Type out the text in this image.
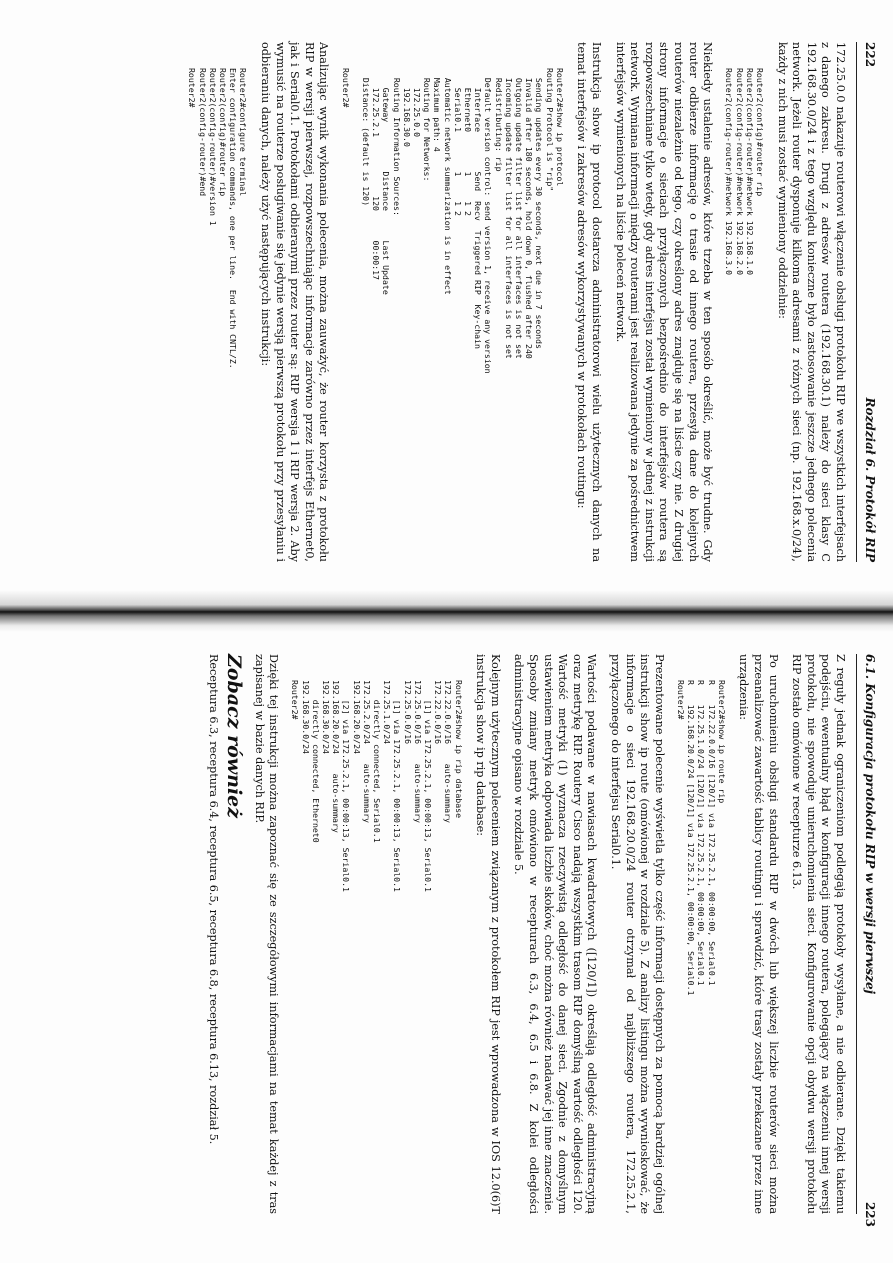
222
Rozdział 6. Protokół RIP

172.25.0.0 nakazuje routerowi włączenie obsługi protokołu RIP we wszystkich interfejsach z danego zakresu. Drugi z adresów routera (192.168.30.1) należy do sieci klasy C 192.168.30.0/24 i z tego względu konieczne było zastosowanie jeszcze jednego polecenia network. Jeżeli router dysponuje kilkoma adresami z różnych sieci (np. 192.168.x.0/24), każdy z nich musi zostać wymieniony oddzielnie:

Router2(config)#router rip
Router2(config-router)#network 192.168.1.0
Router2(config-router)#network 192.168.2.0
Router2(config-router)#network 192.168.3.0

Niekiedy ustalenie adresów, które trzeba w ten sposób określić, może być trudne. Gdy router odbierze informację o trasie od innego routera, przesyła dane do kolejnych routerów niezależnie od tego, czy określony adres znajduje się na liście czy nie. Z drugiej strony informacje o sieciach przyłączonych bezpośrednio do interfejsów routera są rozpowszechniane tylko wtedy, gdy adres interfejsu został wymieniony w jednej z instrukcji network. Wymiana informacji między routerami jest realizowana jedynie za pośrednictwem interfejsów wymienionych na liście poleceń network.

Instrukcja show ip protocol dostarcza administratorowi wielu użytecznych danych na temat interfejsów i zakresów adresów wykorzystywanych w protokołach routingu:

Router2#show ip protocol
Routing Protocol is "rip"
Sending updates every 30 seconds, next due in 7 seconds
Invalid after 180 seconds, hold down 0, flushed after 240
Outgoing update filter list for all interfaces is not set
Incoming update filter list for all interfaces is not set
Redistributing: rip
Default version control: send version 1, receive any version
Interface        Send  Recv  Triggered RIP  Key-chain
Ethernet0        1     1 2
Serial0.1        1     1 2
Automatic network summarization is in effect
Maximum path: 4
Routing for Networks:
172.25.0.0
192.168.30.0
Routing Information Sources:
Gateway          Distance      Last Update
172.25.2.1            120      00:00:17
Distance: (default is 120)

Router2#

Analizując wynik wykonania polecenia, można zauważyć, że router korzysta z protokołu RIP w wersji pierwszej, rozpowszechniając informacje zarówno przez interfejs Ethernet0, jak i Serial0.1. Protokołami odbieranymi przez router są: RIP wersja 1 i RIP wersja 2. Aby wymusić na routerze posługiwanie się jedynie wersją pierwszą protokołu przy przesyłaniu i odbieraniu danych, należy użyć następujących instrukcji:

Router2#configure terminal
Enter configuration commands, one per line.  End with CNTL/Z.
Router2(config)#router rip
Router2(config-router)#version 1
Router2(config-router)#end
Router2#
6.1. Konfiguracja protokołu RIP w wersji pierwszej
223

Z reguły jednak ograniczeniom podlegają protokoły wysyłane, a nie odbierane. Dzięki takiemu podejściu, ewentualny błąd w konfiguracji innego routera, polegający na włączeniu innej wersji protokołu, nie spowoduje unieruchomienia sieci. Konfigurowanie opcji obydwu wersji protokołu RIP zostało omówione w recepturze 6.13.

Po uruchomieniu obsługi standardu RIP w dwóch lub większej liczbie routerów sieci można przeanalizować zawartość tablicy routingu i sprawdzić, które trasy zostały przekazane przez inne urządzenia:

Router2#show ip route rip
R    172.22.0.0/16 [120/1] via 172.25.2.1, 00:00:00, Serial0.1
R    172.25.1.0/24 [120/1] via 172.25.2.1, 00:00:00, Serial0.1
R    192.168.20.0/24 [120/1] via 172.25.2.1, 00:00:00, Serial0.1
Router2#

Prezentowane polecenie wyświetla tylko część informacji dostępnych za pomocą bardziej ogólnej instrukcji show ip route (omówionej w rozdziale 5). Z analizy listingu można wywnioskować, że informacje o sieci 192.168.20.0/24 router otrzymał od najbliższego routera, 172.25.2.1, przyłączonego do interfejsu Serial0.1.

Wartości podawane w nawiasach kwadratowych ([120/1]) określają odległość administracyjną oraz metrykę RIP. Routery Cisco nadają wszystkim trasom RIP domyślną wartość odległości 120. Wartość metryki (1) wyznacza rzeczywistą odległość do danej sieci. Zgodnie z domyślnym ustawieniem metryka odpowiada liczbie skoków, choć można również nadawać jej inne znaczenie. Sposoby zmiany metryk omówiono w recepturach 6.3, 6.4, 6.5 i 6.8. Z kolei odległości administracyjne opisano w rozdziale 5.

Kolejnym użytecznym poleceniem związanym z protokołem RIP jest wprowadzona w IOS 12.0(6)T instrukcja show ip rip database:

Router2#show ip rip database
172.22.0.0/16    auto-summary
172.22.0.0/16
[1] via 172.25.2.1, 00:00:13, Serial0.1
172.25.0.0/16    auto-summary
172.25.0.0/16
[1] via 172.25.2.1, 00:00:13, Serial0.1
172.25.1.0/24
directly connected, Serial0.1
172.25.2.0/24    auto-summary
192.168.20.0/24
[2] via 172.25.2.1, 00:00:13, Serial0.1
192.168.20.0/24    auto-summary
192.168.30.0/24
directly connected, Ethernet0
192.168.30.0/24
Router2#

Dzięki tej instrukcji można zapoznać się ze szczegółowymi informacjami na temat każdej z tras zapisanej w bazie danych RIP.

Zobacz również

Receptura 6.3, receptura 6.4, receptura 6.5, receptura 6.8, receptura 6.13, rozdział 5.
